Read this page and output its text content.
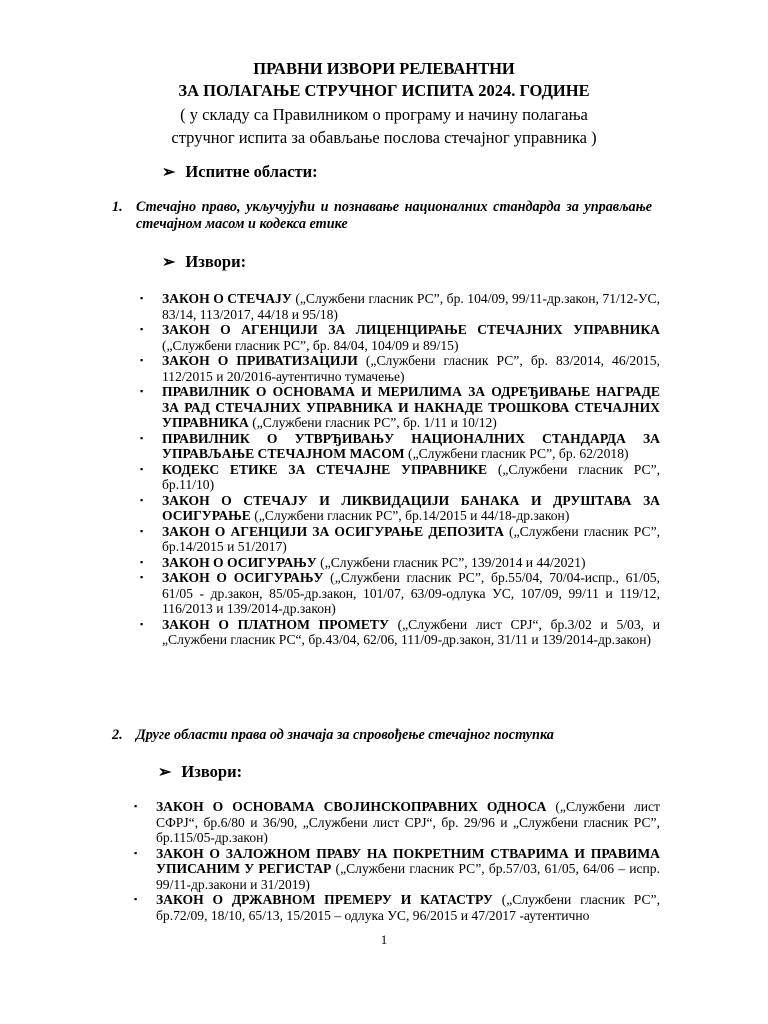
ПРАВНИ ИЗВОРИ РЕЛЕВАНТНИ
ЗА ПОЛАГАЊЕ СТРУЧНОГ ИСПИТА 2024. ГОДИНЕ
( у складу са Правилником о програму и начину полагања
стручног испита за обављање послова стечајног управника )
➢ Испитне области:
1. Стечајно право, укључујући и познавање националних стандарда за управљање стечајном масом и кодекса етике
➢ Извори:
▪ ЗАКОН О СТЕЧАЈУ („Службени гласник РС”, бр. 104/09, 99/11-др.закон, 71/12-УС, 83/14, 113/2017, 44/18 и 95/18)
▪ ЗАКОН О АГЕНЦИЈИ ЗА ЛИЦЕНЦИРАЊЕ СТЕЧАЈНИХ УПРАВНИКА („Службени гласник РС”, бр. 84/04, 104/09 и 89/15)
▪ ЗАКОН О ПРИВАТИЗАЦИЈИ („Службени гласник РС”, бр. 83/2014, 46/2015, 112/2015 и 20/2016-аутентично тумачење)
▪ ПРАВИЛНИК О ОСНОВАМА И МЕРИЛИМА ЗА ОДРЕЂИВАЊЕ НАГРАДЕ ЗА РАД СТЕЧАЈНИХ УПРАВНИКА И НАКНАДЕ ТРОШКОВА СТЕЧАЈНИХ УПРАВНИКА („Службени гласник РС”, бр. 1/11 и 10/12)
▪ ПРАВИЛНИК О УТВРЂИВАЊУ НАЦИОНАЛНИХ СТАНДАРДА ЗА УПРАВЉАЊЕ СТЕЧАЈНОМ МАСОМ („Службени гласник РС”, бр. 62/2018)
▪ КОДЕКС ЕТИКЕ ЗА СТЕЧАЈНЕ УПРАВНИКЕ („Службени гласник РС”, бр.11/10)
▪ ЗАКОН О СТЕЧАЈУ И ЛИКВИДАЦИЈИ БАНАКА И ДРУШТАВА ЗА ОСИГУРАЊЕ („Службени гласник РС”, бр.14/2015 и 44/18-др.закон)
▪ ЗАКОН О АГЕНЦИЈИ ЗА ОСИГУРАЊЕ ДЕПОЗИТА („Службени гласник РС”, бр.14/2015 и 51/2017)
▪ ЗАКОН О ОСИГУРАЊУ („Службени гласник РС”, 139/2014 и 44/2021)
▪ ЗАКОН О ОСИГУРАЊУ („Службени гласник РС”, бр.55/04, 70/04-испр., 61/05, 61/05 - др.закон, 85/05-др.закон, 101/07, 63/09-одлука УС, 107/09, 99/11 и 119/12, 116/2013 и 139/2014-др.закон)
▪ ЗАКОН О ПЛАТНОМ ПРОМЕТУ („Службени лист СРЈ“, бр.3/02 и 5/03, и „Службени гласник РС“, бр.43/04, 62/06, 111/09-др.закон, 31/11 и 139/2014-др.закон)
2. Друге области права од значаја за спровођење стечајног поступка
➢ Извори:
▪ ЗАКОН О ОСНОВАМА СВОЈИНСКОПРАВНИХ ОДНОСА („Службени лист СФРЈ“, бр.6/80 и 36/90, „Службени лист СРЈ“, бр. 29/96 и „Службени гласник РС”, бр.115/05-др.закон)
▪ ЗАКОН О ЗАЛОЖНОМ ПРАВУ НА ПОКРЕТНИМ СТВАРИМА И ПРАВИМА УПИСАНИМ У РЕГИСТАР („Службени гласник РС”, бр.57/03, 61/05, 64/06 – испр. 99/11-др.закони и 31/2019)
▪ ЗАКОН О ДРЖАВНОМ ПРЕМЕРУ И КАТАСТРУ („Службени гласник РС”, бр.72/09, 18/10, 65/13, 15/2015 – одлука УС, 96/2015 и 47/2017 -аутентично
1
